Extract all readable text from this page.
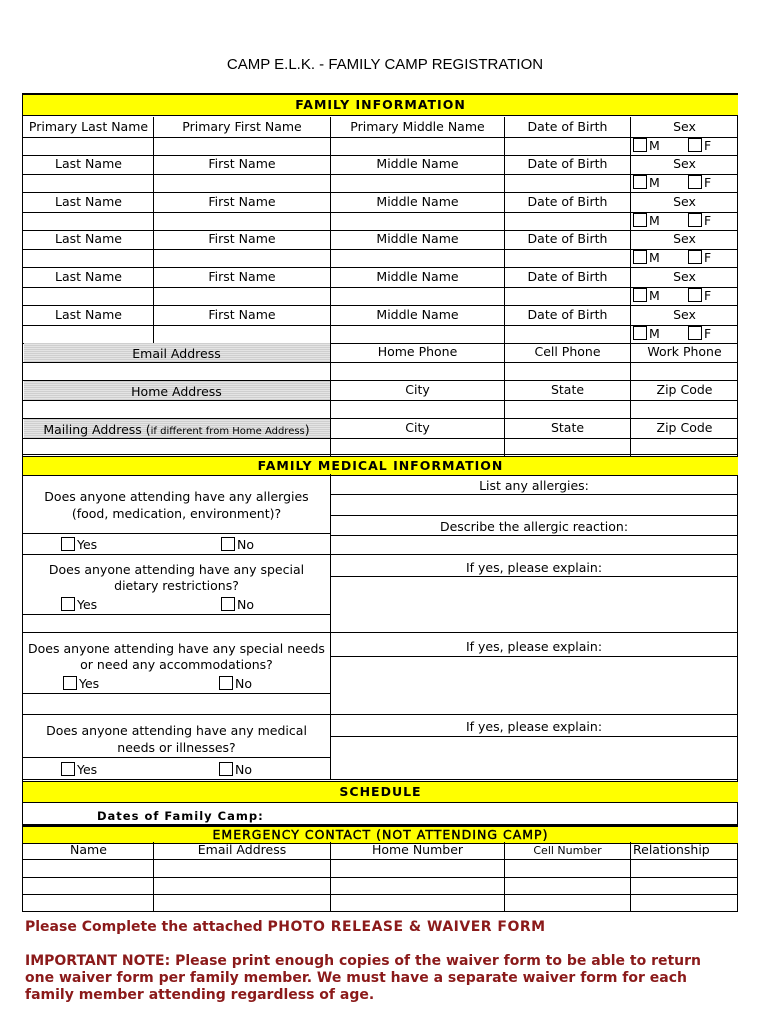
CAMP E.L.K. - FAMILY CAMP REGISTRATION
FAMILY INFORMATION
Primary Last Name	Primary First Name	Primary Middle Name	Date of Birth	Sex
M	F
Last Name	First Name	Middle Name	Date of Birth	Sex
M	F
Last Name	First Name	Middle Name	Date of Birth	Sex
M	F
Last Name	First Name	Middle Name	Date of Birth	Sex
M	F
Last Name	First Name	Middle Name	Date of Birth	Sex
M	F
Last Name	First Name	Middle Name	Date of Birth	Sex
M	F
Email Address	Home Phone	Cell Phone	Work Phone
Home Address	City	State	Zip Code
Mailing Address (if different from Home Address)	City	State	Zip Code
FAMILY MEDICAL INFORMATION
Does anyone attending have any allergies
(food, medication, environment)?
Yes	No
List any allergies:
Describe the allergic reaction:
Does anyone attending have any special
dietary restrictions?
Yes	No
If yes, please explain:
Does anyone attending have any special needs
or need any accommodations?
Yes	No
If yes, please explain:
Does anyone attending have any medical
needs or illnesses?
Yes	No
If yes, please explain:
SCHEDULE
Dates of Family Camp:
EMERGENCY CONTACT (NOT ATTENDING CAMP)
Name	Email Address	Home Number	Cell Number	Relationship
Please Complete the attached PHOTO RELEASE & WAIVER FORM
IMPORTANT NOTE: Please print enough copies of the waiver form to be able to return
one waiver form per family member. We must have a separate waiver form for each
family member attending regardless of age.
